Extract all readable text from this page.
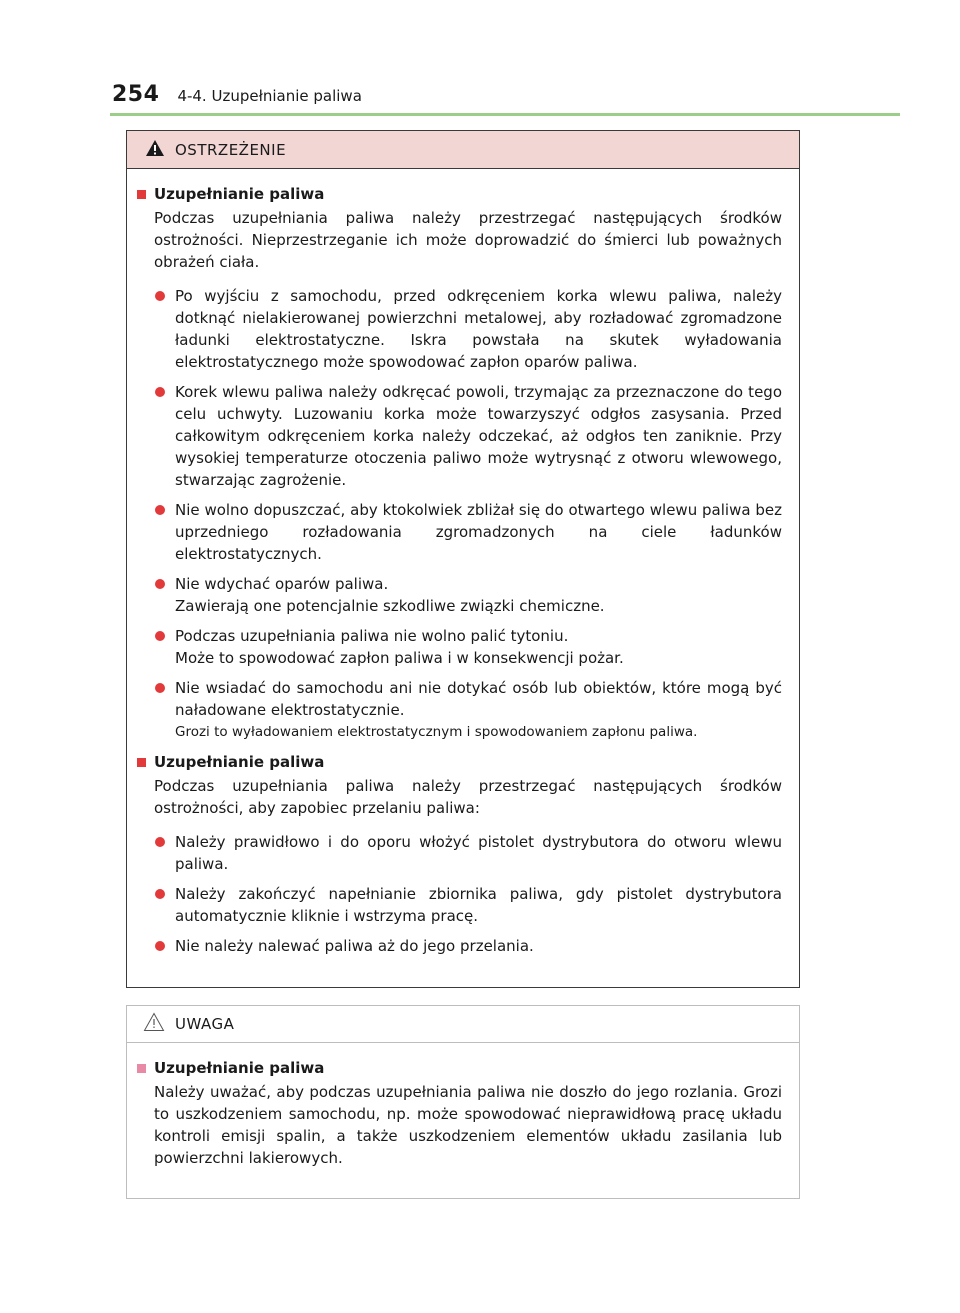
254 4-4. Uzupełnianie paliwa
OSTRZEŻENIE
Uzupełnianie paliwa
Podczas uzupełniania paliwa należy przestrzegać następujących środków ostrożności. Nieprzestrzeganie ich może doprowadzić do śmierci lub poważnych obrażeń ciała.
Po wyjściu z samochodu, przed odkręceniem korka wlewu paliwa, należy dotknąć nielakierowanej powierzchni metalowej, aby rozładować zgromadzone ładunki elektrostatyczne. Iskra powstała na skutek wyładowania elektrostatycznego może spowodować zapłon oparów paliwa.
Korek wlewu paliwa należy odkręcać powoli, trzymając za przeznaczone do tego celu uchwyty. Luzowaniu korka może towarzyszyć odgłos zasysania. Przed całkowitym odkręceniem korka należy odczekać, aż odgłos ten zaniknie. Przy wysokiej temperaturze otoczenia paliwo może wytrysnąć z otworu wlewowego, stwarzając zagrożenie.
Nie wolno dopuszczać, aby ktokolwiek zbliżał się do otwartego wlewu paliwa bez uprzedniego rozładowania zgromadzonych na ciele ładunków elektrostatycznych.
Nie wdychać oparów paliwa.
Zawierają one potencjalnie szkodliwe związki chemiczne.
Podczas uzupełniania paliwa nie wolno palić tytoniu.
Może to spowodować zapłon paliwa i w konsekwencji pożar.
Nie wsiadać do samochodu ani nie dotykać osób lub obiektów, które mogą być naładowane elektrostatycznie.
Grozi to wyładowaniem elektrostatycznym i spowodowaniem zapłonu paliwa.
Uzupełnianie paliwa
Podczas uzupełniania paliwa należy przestrzegać następujących środków ostrożności, aby zapobiec przelaniu paliwa:
Należy prawidłowo i do oporu włożyć pistolet dystrybutora do otworu wlewu paliwa.
Należy zakończyć napełnianie zbiornika paliwa, gdy pistolet dystrybutora automatycznie kliknie i wstrzyma pracę.
Nie należy nalewać paliwa aż do jego przelania.
UWAGA
Uzupełnianie paliwa
Należy uważać, aby podczas uzupełniania paliwa nie doszło do jego rozlania. Grozi to uszkodzeniem samochodu, np. może spowodować nieprawidłową pracę układu kontroli emisji spalin, a także uszkodzeniem elementów układu zasilania lub powierzchni lakierowych.
